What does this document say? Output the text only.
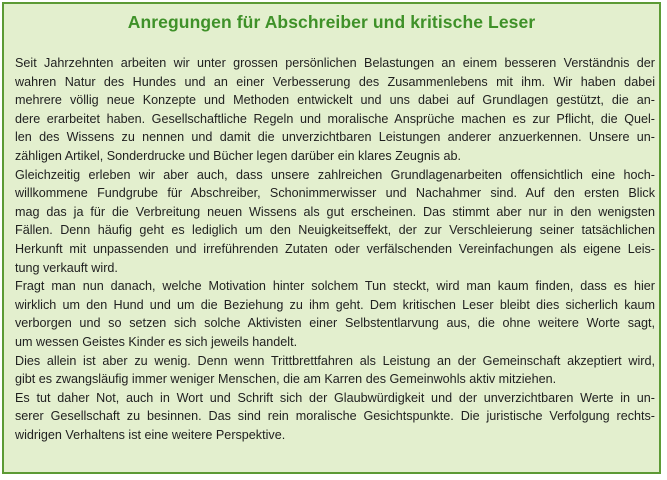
Anregungen für Abschreiber und kritische Leser
Seit Jahrzehnten arbeiten wir unter grossen persönlichen Belastungen an einem besseren Verständnis der
wahren Natur des Hundes und an einer Verbesserung des Zusammenlebens mit ihm. Wir haben dabei
mehrere völlig neue Konzepte und Methoden entwickelt und uns dabei auf Grundlagen gestützt, die an-
dere erarbeitet haben. Gesellschaftliche Regeln und moralische Ansprüche machen es zur Pflicht, die Quel-
len des Wissens zu nennen und damit die unverzichtbaren Leistungen anderer anzuerkennen. Unsere un-
zähligen Artikel, Sonderdrucke und Bücher legen darüber ein klares Zeugnis ab.
Gleichzeitig erleben wir aber auch, dass unsere zahlreichen Grundlagenarbeiten offensichtlich eine hoch-
willkommene Fundgrube für Abschreiber, Schonimmerwisser und Nachahmer sind. Auf den ersten Blick
mag das ja für die Verbreitung neuen Wissens als gut erscheinen. Das stimmt aber nur in den wenigsten
Fällen. Denn häufig geht es lediglich um den Neuigkeitseffekt, der zur Verschleierung seiner tatsächlichen
Herkunft mit unpassenden und irreführenden Zutaten oder verfälschenden Vereinfachungen als eigene Leis-
tung verkauft wird.
Fragt man nun danach, welche Motivation hinter solchem Tun steckt, wird man kaum finden, dass es hier
wirklich um den Hund und um die Beziehung zu ihm geht. Dem kritischen Leser bleibt dies sicherlich kaum
verborgen und so setzen sich solche Aktivisten einer Selbstentlarvung aus, die ohne weitere Worte sagt,
um wessen Geistes Kinder es sich jeweils handelt.
Dies allein ist aber zu wenig. Denn wenn Trittbrettfahren als Leistung an der Gemeinschaft akzeptiert wird,
gibt es zwangsläufig immer weniger Menschen, die am Karren des Gemeinwohls aktiv mitziehen.
Es tut daher Not, auch in Wort und Schrift sich der Glaubwürdigkeit und der unverzichtbaren Werte in un-
serer Gesellschaft zu besinnen. Das sind rein moralische Gesichtspunkte. Die juristische Verfolgung rechts-
widrigen Verhaltens ist eine weitere Perspektive.
